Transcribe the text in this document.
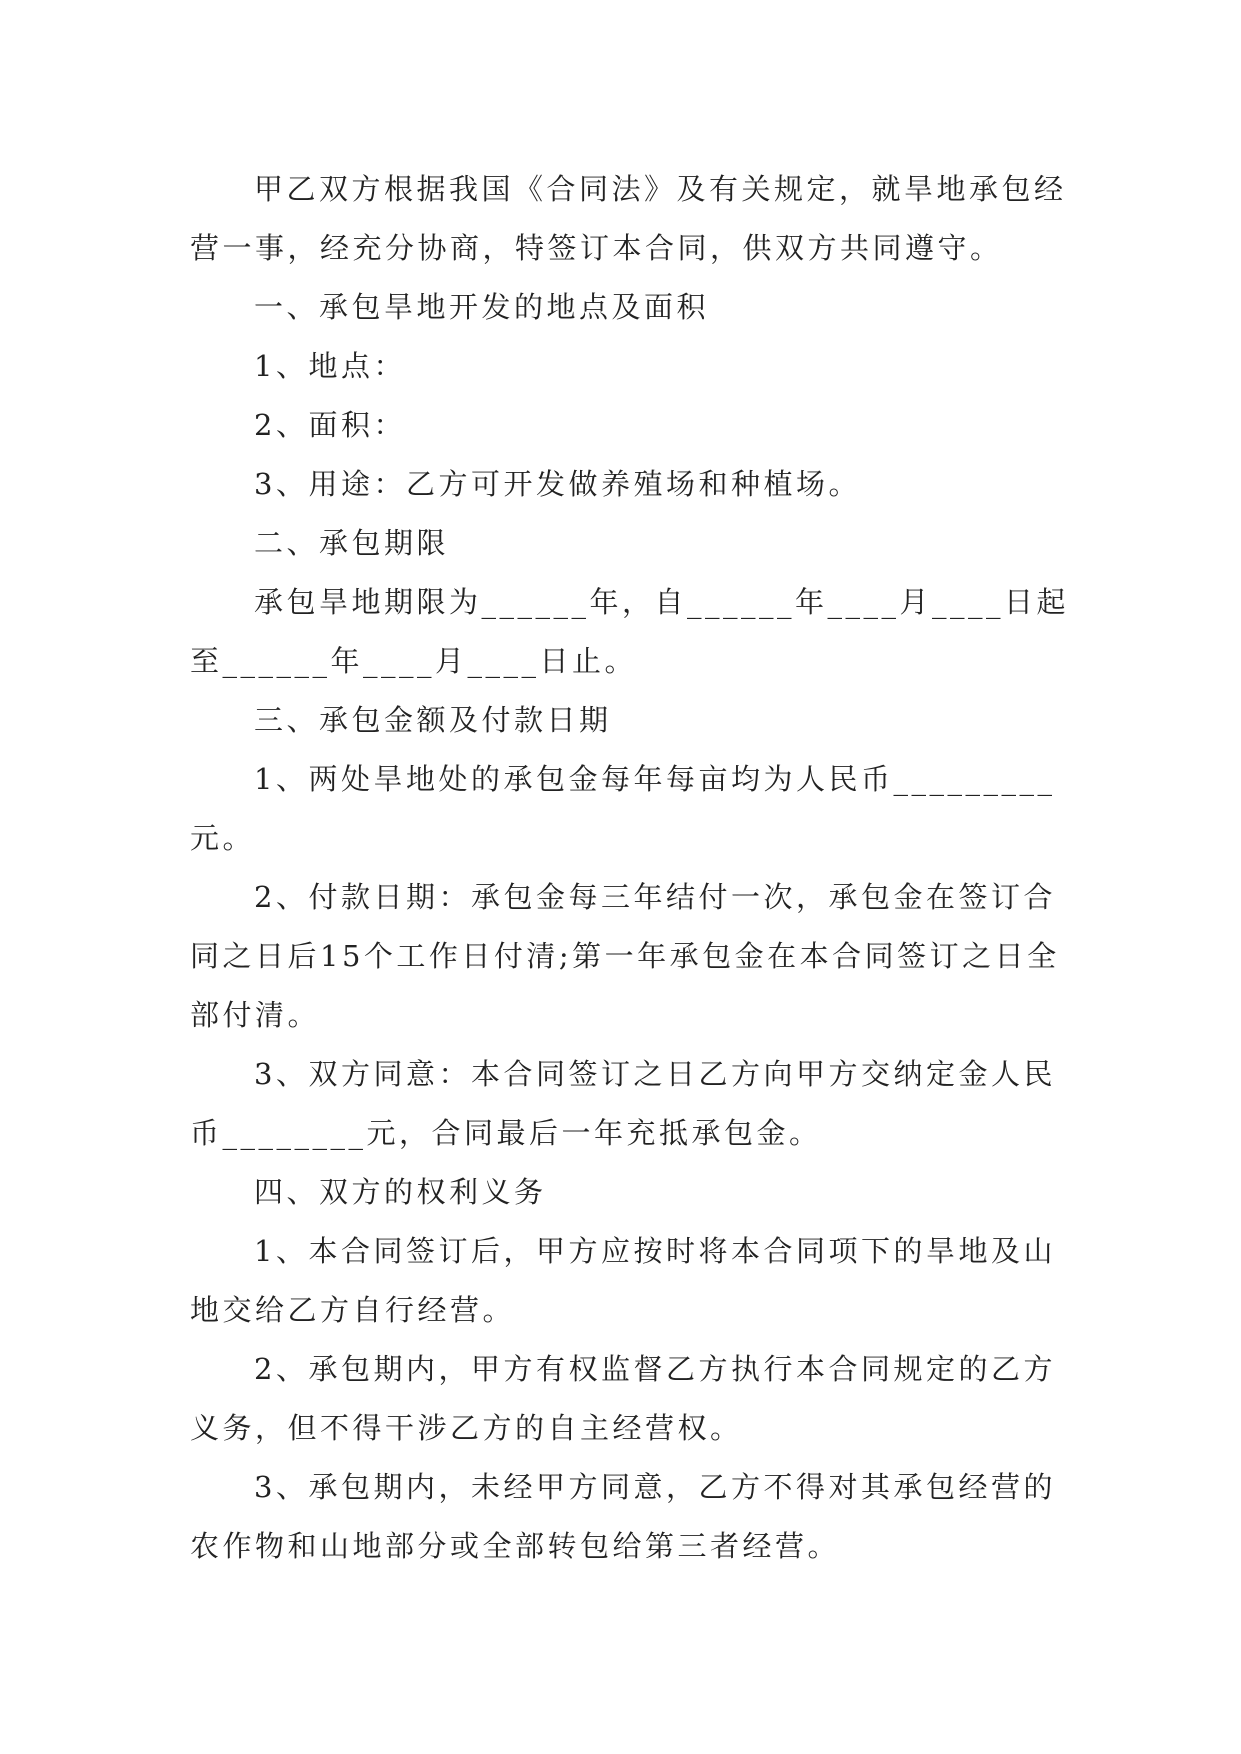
甲乙双方根据我国《合同法》及有关规定，就旱地承包经营一事，经充分协商，特签订本合同，供双方共同遵守。

一、承包旱地开发的地点及面积

1、地点：

2、面积：

3、用途：乙方可开发做养殖场和种植场。

二、承包期限

承包旱地期限为______年，自______年____月____日起至______年____月____日止。

三、承包金额及付款日期

1、两处旱地处的承包金每年每亩均为人民币_________元。

2、付款日期：承包金每三年结付一次，承包金在签订合同之日后15个工作日付清;第一年承包金在本合同签订之日全部付清。

3、双方同意：本合同签订之日乙方向甲方交纳定金人民币________元，合同最后一年充抵承包金。

四、双方的权利义务

1、本合同签订后，甲方应按时将本合同项下的旱地及山地交给乙方自行经营。

2、承包期内，甲方有权监督乙方执行本合同规定的乙方义务，但不得干涉乙方的自主经营权。

3、承包期内，未经甲方同意，乙方不得对其承包经营的农作物和山地部分或全部转包给第三者经营。
